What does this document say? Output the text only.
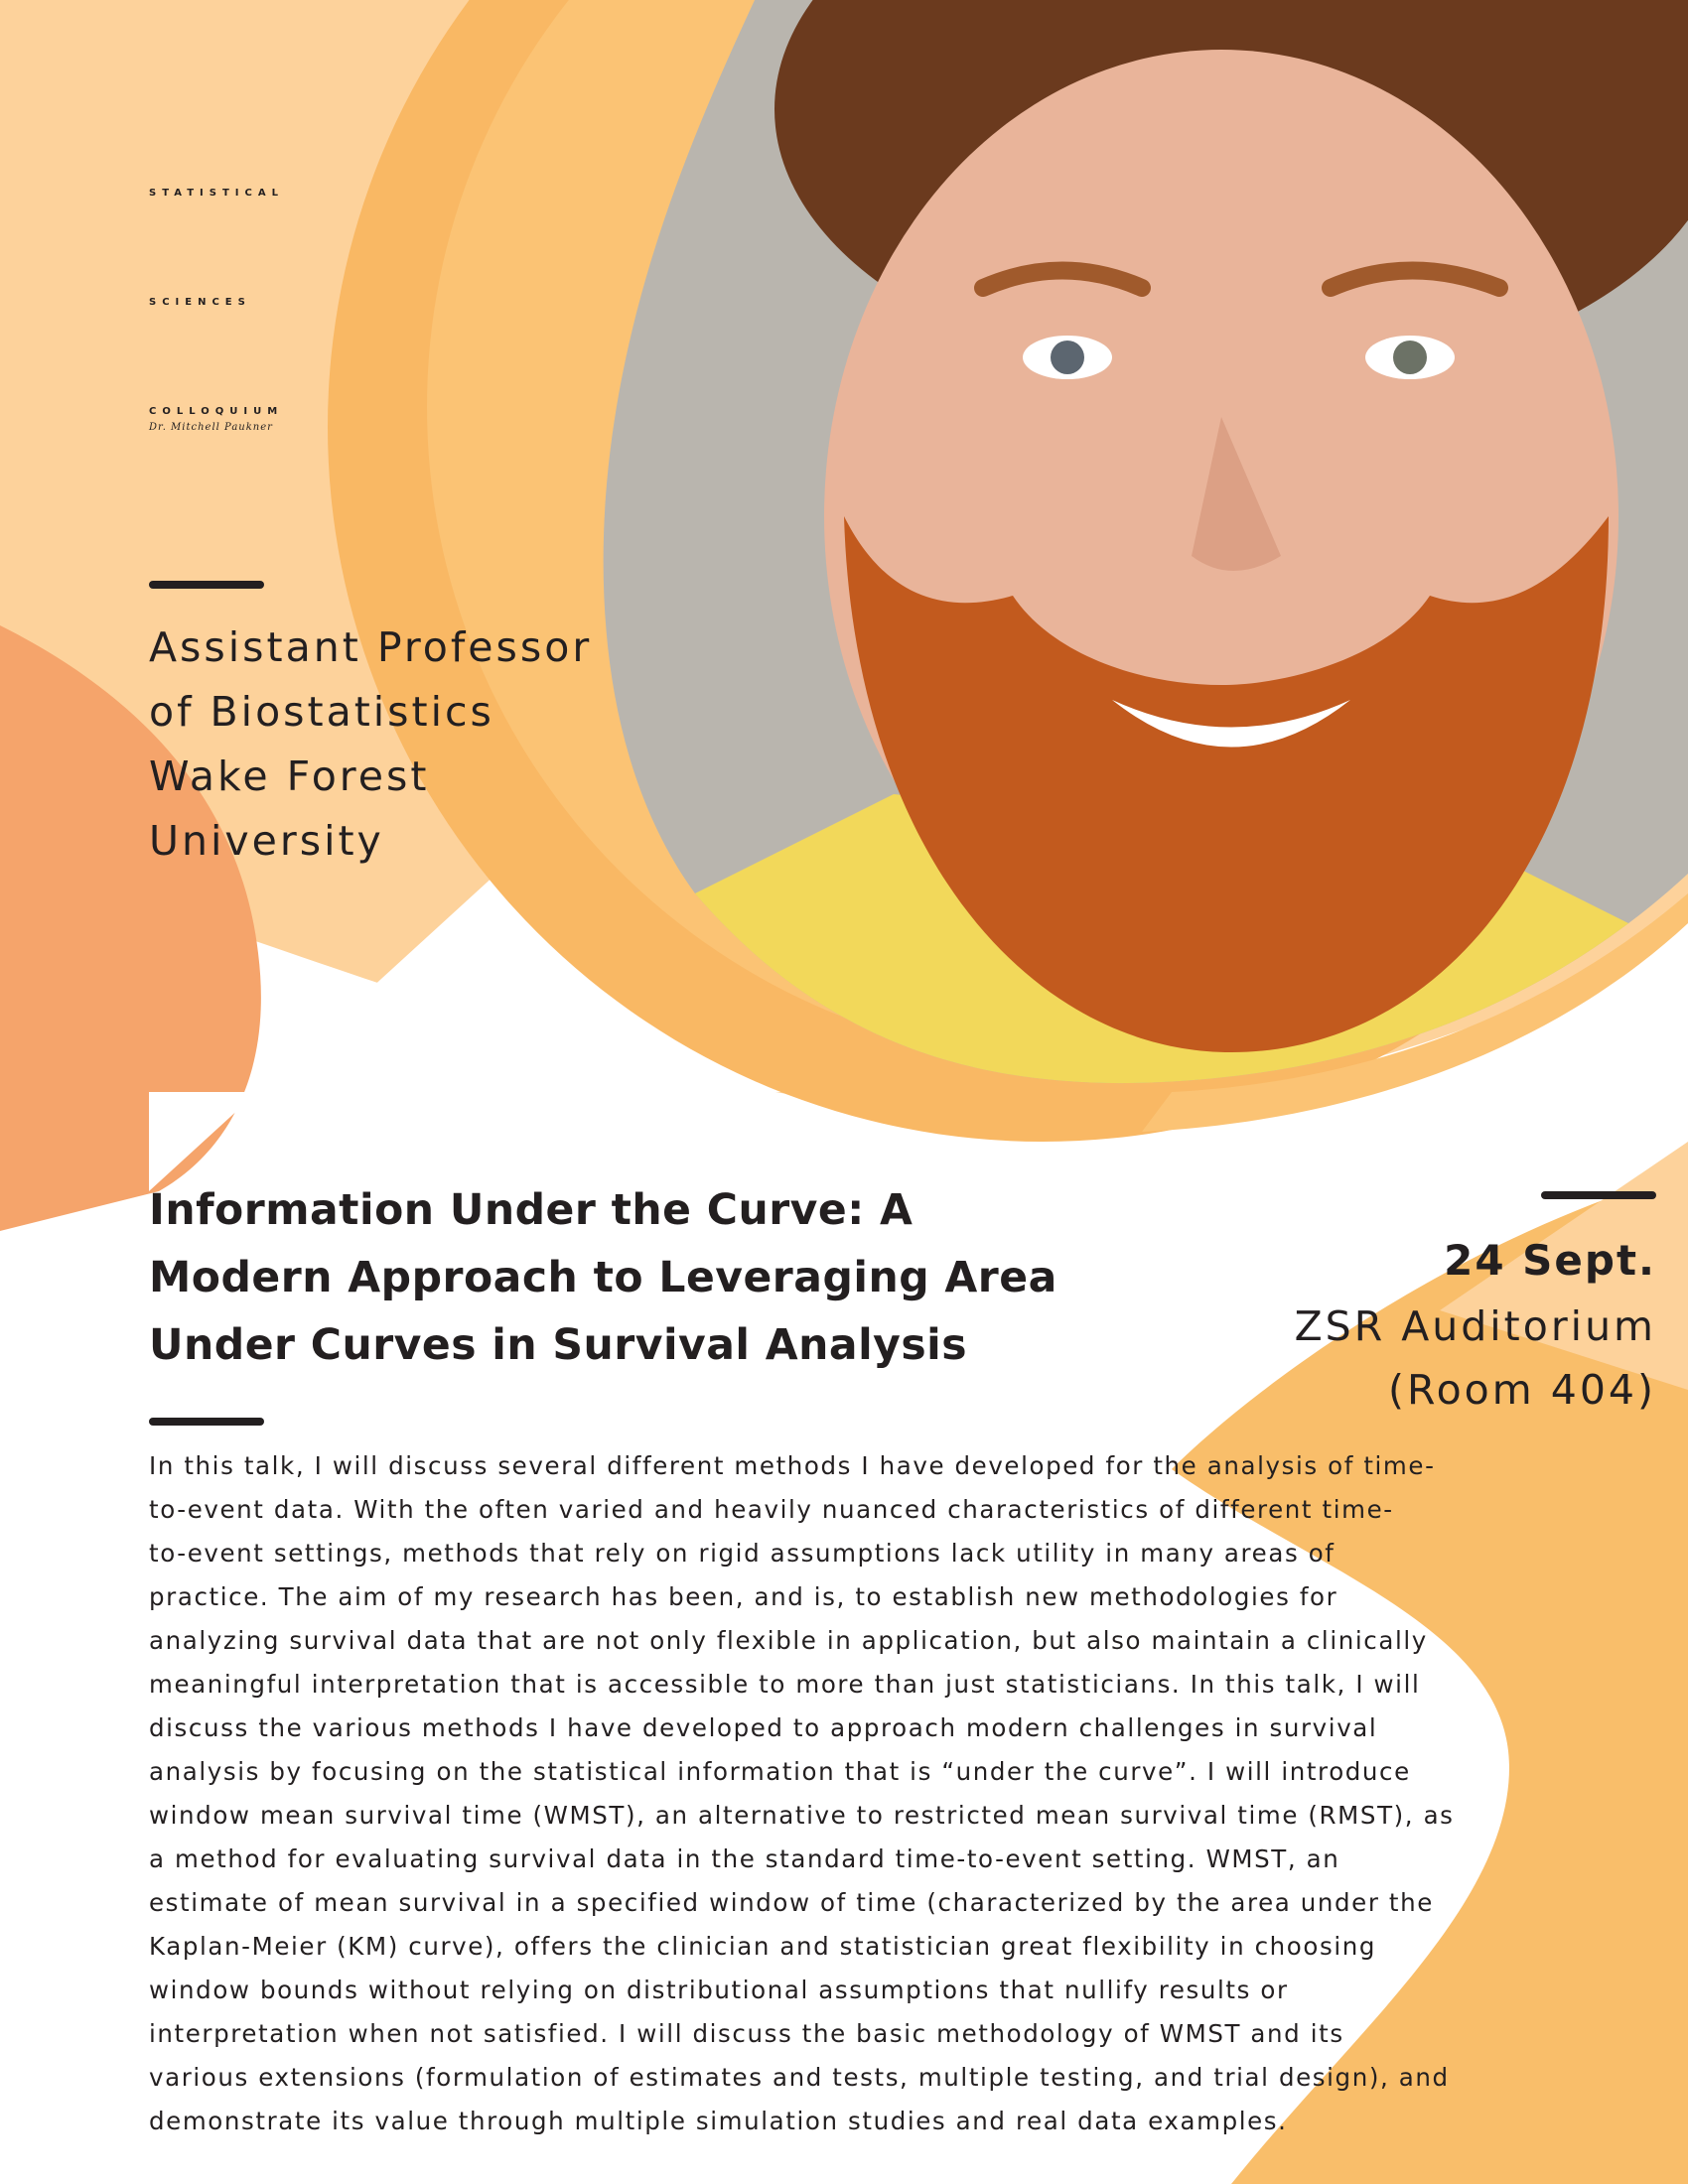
STATISTICAL
SCIENCES
COLLOQUIUM
Dr. Mitchell Paukner
Assistant Professor
of Biostatistics
Wake Forest
University
Information Under the Curve: A
Modern Approach to Leveraging Area
Under Curves in Survival Analysis
24 Sept.
ZSR Auditorium
(Room 404)
In this talk, I will discuss several different methods I have developed for the analysis of time-
to-event data. With the often varied and heavily nuanced characteristics of different time-
to-event settings, methods that rely on rigid assumptions lack utility in many areas of
practice. The aim of my research has been, and is, to establish new methodologies for
analyzing survival data that are not only flexible in application, but also maintain a clinically
meaningful interpretation that is accessible to more than just statisticians. In this talk, I will
discuss the various methods I have developed to approach modern challenges in survival
analysis by focusing on the statistical information that is “under the curve”. I will introduce
window mean survival time (WMST), an alternative to restricted mean survival time (RMST), as
a method for evaluating survival data in the standard time-to-event setting. WMST, an
estimate of mean survival in a specified window of time (characterized by the area under the
Kaplan-Meier (KM) curve), offers the clinician and statistician great flexibility in choosing
window bounds without relying on distributional assumptions that nullify results or
interpretation when not satisfied. I will discuss the basic methodology of WMST and its
various extensions (formulation of estimates and tests, multiple testing, and trial design), and
demonstrate its value through multiple simulation studies and real data examples.
